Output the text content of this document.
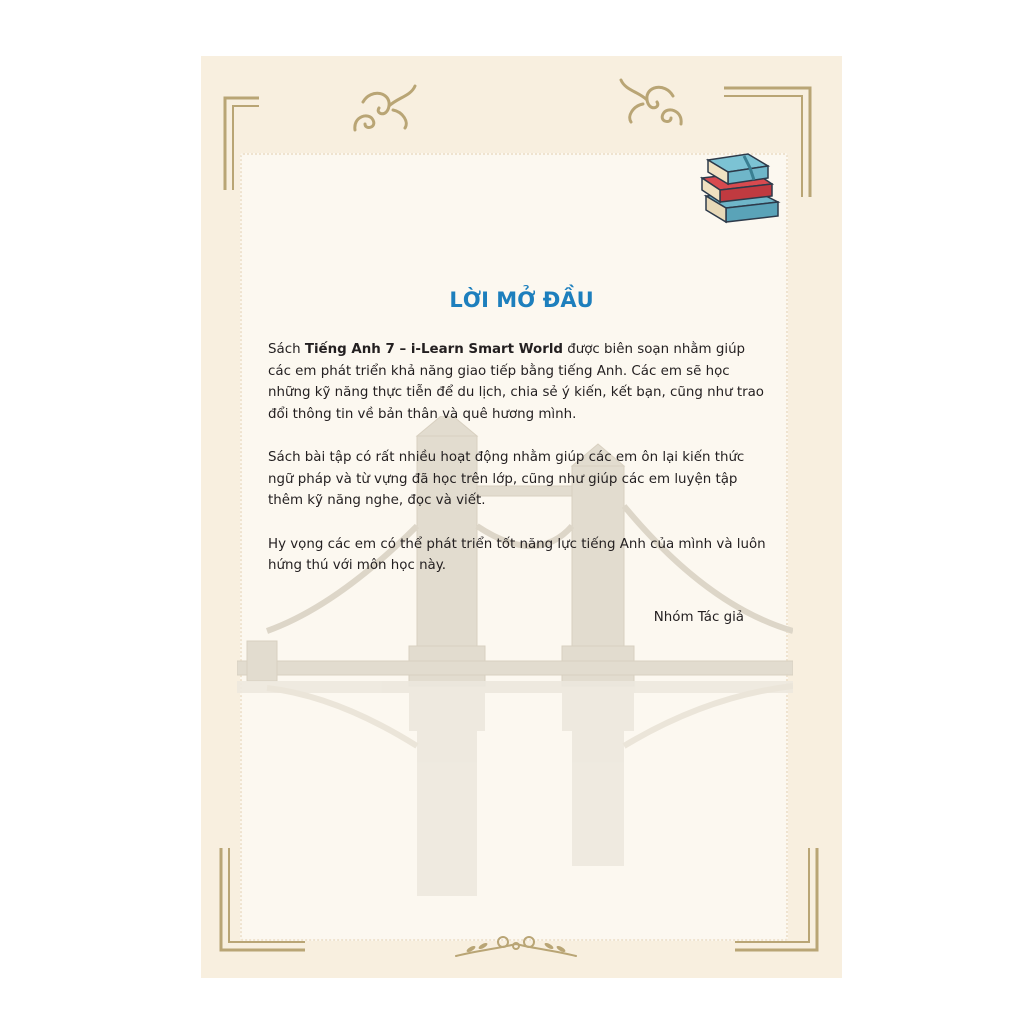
LỜI MỞ ĐẦU

Sách Tiếng Anh 7 – i-Learn Smart World được biên soạn nhằm giúp các em phát triển khả năng giao tiếp bằng tiếng Anh. Các em sẽ học những kỹ năng thực tiễn để du lịch, chia sẻ ý kiến, kết bạn, cũng như trao đổi thông tin về bản thân và quê hương mình.

Sách bài tập có rất nhiều hoạt động nhằm giúp các em ôn lại kiến thức ngữ pháp và từ vựng đã học trên lớp, cũng như giúp các em luyện tập thêm kỹ năng nghe, đọc và viết.

Hy vọng các em có thể phát triển tốt năng lực tiếng Anh của mình và luôn hứng thú với môn học này.

Nhóm Tác giả
